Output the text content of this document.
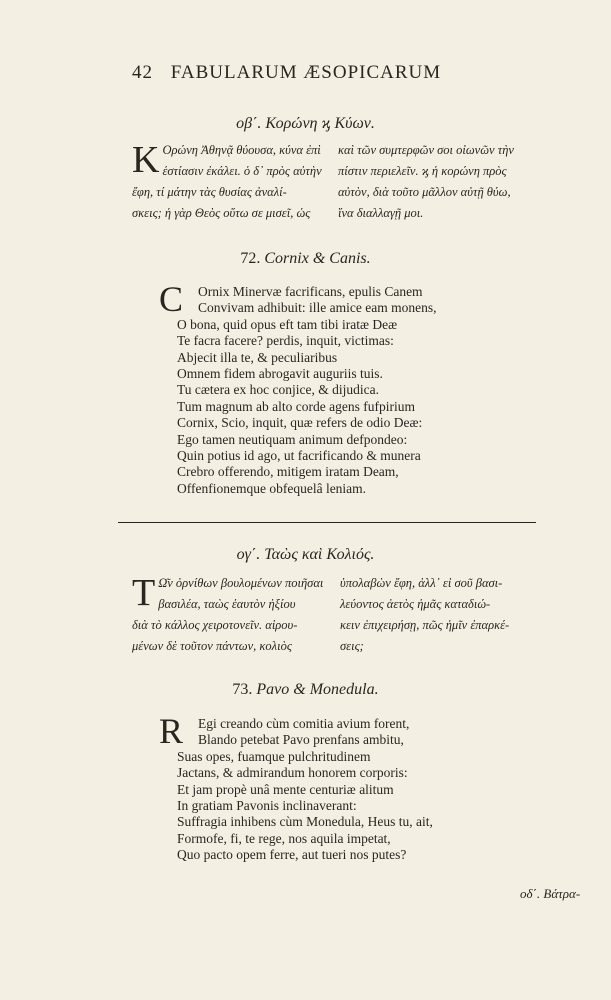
42 FABULARUM ÆSOPICARUM
οβ΄. Κορώνη ϗ Κύων.
Κ Ορώνη Ἀθηνᾷ θύουσα, κύνα ἐπὶ
ἑστίασιν ἐκάλει. ὁ δ᾽ πρὸς αὐτὴν
ἔφη, τί μάτην τὰς θυσίας ἀναλί-
σκεις; ἡ γὰρ Θεὸς οὕτω σε μισεῖ, ὡς
καὶ τῶν συμτερφῶν σοι οἰωνῶν τὴν
πίστιν περιελεῖν. ϗ ἡ κορώνη πρὸς
αὐτὸν, διὰ τοῦτο μᾶλλον αὐτῇ θύω,
ἵνα διαλλαγῇ μοι.
72. Cornix & Canis.
C	Ornix Minervæ facrificans, epulis Canem
Convivam adhibuit: ille amice eam monens,
O bona, quid opus eft tam tibi iratæ Deæ
Te facra facere? perdis, inquit, victimas:
Abjecit illa te, & peculiaribus
Omnem fidem abrogavit auguriis tuis.
Tu cætera ex hoc conjice, & dijudica.
Tum magnum ab alto corde agens fufpirium
Cornix, Scio, inquit, quæ refers de odio Deæ:
Ego tamen neutiquam animum defpondeo:
Quin potius id ago, ut facrificando & munera
Crebro offerendo, mitigem iratam Deam,
Offenfionemque obfequelâ leniam.
ογ΄. Ταὼς καὶ Κολιός.
Τ Ω͂ν ὀρνίθων βουλομένων ποιῆσαι
βασιλέα, ταὼς ἑαυτὸν ἠξίου
διὰ τὸ κάλλος χειροτονεῖν. αἱρου-
μένων δὲ τοῦτον πάντων, κολιὸς
ὑπολαβὼν ἔφη, ἀλλ᾽ εἰ σοῦ βασι-
λεύοντος ἀετὸς ἡμᾶς καταδιώ-
κειν ἐπιχειρήσῃ, πῶς ἡμῖν ἐπαρκέ-
σεις;
73. Pavo & Monedula.
R	Egi creando cùm comitia avium forent,
Blando petebat Pavo prenfans ambitu,
Suas opes, fuamque pulchritudinem
Jactans, & admirandum honorem corporis:
Et jam propè unâ mente centuriæ alitum
In gratiam Pavonis inclinaverant:
Suffragia inhibens cùm Monedula, Heus tu, ait,
Formofe, fi, te rege, nos aquila impetat,
Quo pacto opem ferre, aut tueri nos putes?
οδ΄. Βάτρα-
